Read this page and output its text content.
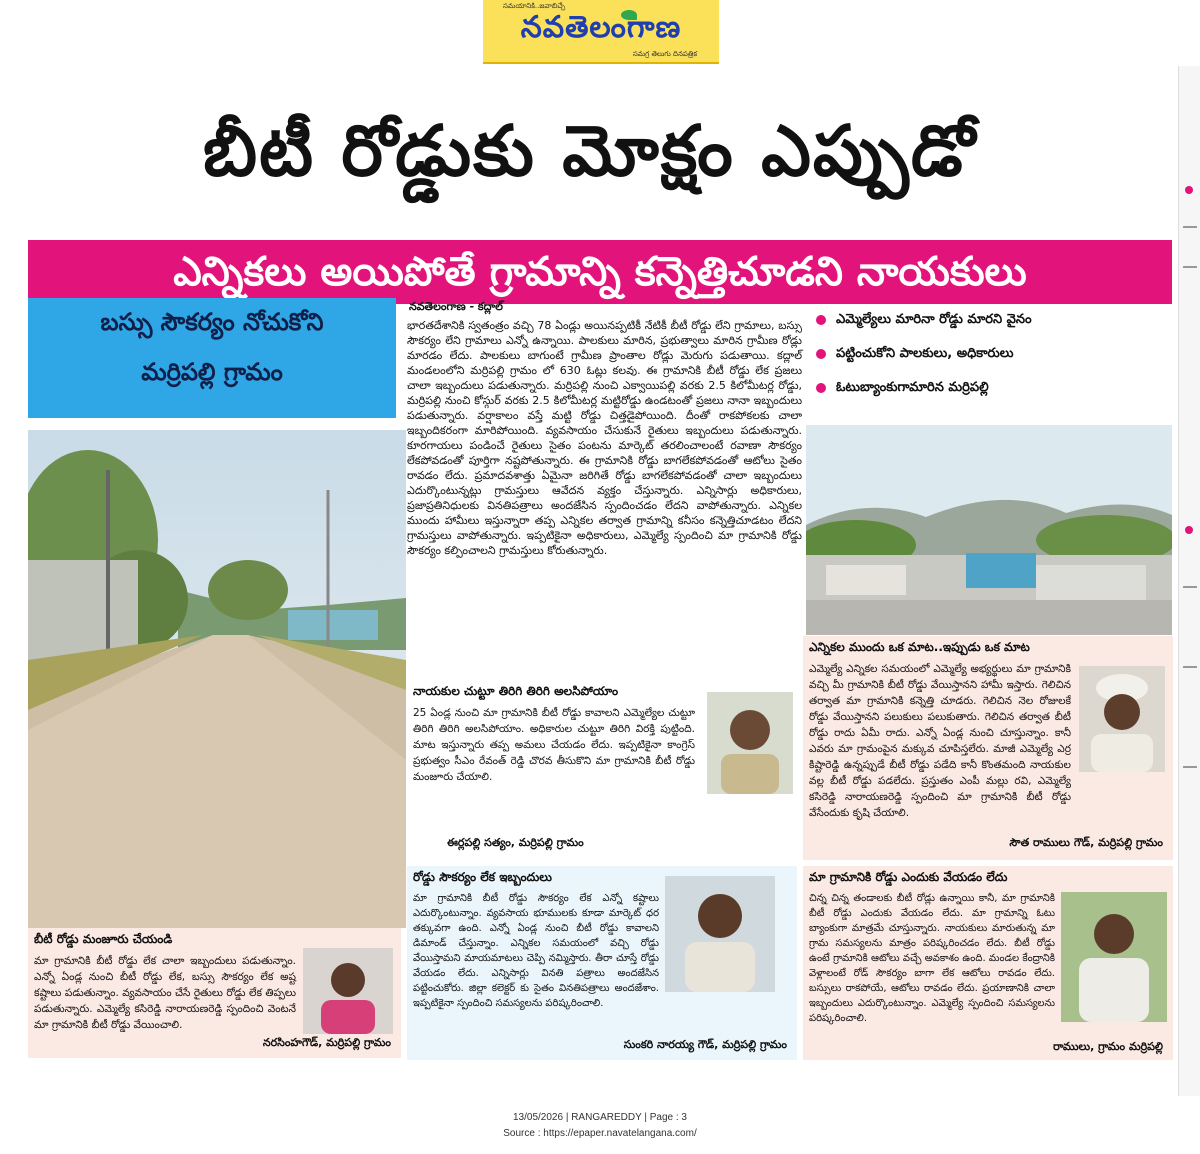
సమయానికి..జవాబిచ్చే
నవతెలంగాణ
సమగ్ర తెలుగు దినపత్రిక
బీటీ రోడ్డుకు మోక్షం ఎప్పుడో
ఎన్నికలు అయిపోతే గ్రామాన్ని కన్నెత్తిచూడని నాయకులు
బస్సు సౌకర్యం నోచుకోని
మర్రిపల్లి గ్రామం
బీటీ రోడ్డు మంజూరు చేయండి
మా గ్రామానికి బీటీ రోడ్డు లేక చాలా ఇబ్బందులు పడుతున్నాం. ఎన్నో ఏండ్ల నుంచి బీటీ రోడ్డు లేక, బస్సు సౌకర్యం లేక అష్ట కష్టాలు పడుతున్నాం. వ్యవసాయం చేసే రైతులు రోడ్డు లేక తిప్పలు పడుతున్నారు. ఎమ్మెల్యే కసిరెడ్డి నారాయణరెడ్డి స్పందించి వెంటనే మా గ్రామానికి బీటీ రోడ్డు వేయించాలి.
నరసింహగౌడ్, మర్రిపల్లి గ్రామం
నవతెలంగాణ - కద్లాల్
భారతదేశానికి స్వతంత్రం వచ్చి 78 ఏండ్లు అయినప్పటికీ నేటికీ బీటీ రోడ్డు లేని గ్రామాలు, బస్సు సౌకర్యం లేని గ్రామాలు ఎన్నో ఉన్నాయి. పాలకులు మారిన, ప్రభుత్వాలు మారిన గ్రామీణ రోడ్లు మారడం లేదు. పాలకులు బాగుంటే గ్రామీణ ప్రాంతాల రోడ్లు మెరుగు పడుతాయి. కద్లాల్ మండలంలోని మర్రిపల్లి గ్రామం లో 630 ఓట్లు కలవు. ఈ గ్రామానికి బీటీ రోడ్డు లేక ప్రజలు చాలా ఇబ్బందులు పడుతున్నారు. మర్రిపల్లి నుంచి ఎక్వాయిపల్లి వరకు 2.5 కిలోమీటర్ల రోడ్డు, మర్రిపల్లి నుంచి కోస్గుర్ వరకు 2.5 కిలోమీటర్ల మట్టిరోడ్డు ఉండటంతో ప్రజలు నానా ఇబ్బందులు పడుతున్నారు. వర్షాకాలం వస్తే మట్టి రోడ్డు చిత్తడైపోయింది. దీంతో రాకపోకలకు చాలా ఇబ్బందికరంగా మారిపోయింది. వ్యవసాయం చేసుకునే రైతులు ఇబ్బందులు పడుతున్నారు. కూరగాయలు పండించే రైతులు సైతం పంటను మార్కెట్ తరలించాలంటే రవాణా సౌకర్యం లేకపోవడంతో పూర్తిగా నష్టపోతున్నారు. ఈ గ్రామానికి రోడ్డు బాగలేకపోవడంతో ఆటోలు సైతం రావడం లేదు. ప్రమాదవశాత్తు ఏమైనా జరిగితే రోడ్డు బాగలేకపోవడంతో చాలా ఇబ్బందులు ఎదుర్కొంటున్నట్లు గ్రామస్తులు ఆవేదన వ్యక్తం చేస్తున్నారు. ఎన్నిసార్లు అధికారులు, ప్రజాప్రతినిధులకు వినతిపత్రాలు అందజేసిన స్పందించడం లేదని వాపోతున్నారు. ఎన్నికల ముందు హామీలు ఇస్తున్నారా తప్ప ఎన్నికల తర్వాత గ్రామాన్ని కనీసం కన్నెత్తిచూడటం లేదని గ్రామస్తులు వాపోతున్నారు. ఇప్పటికైనా అధికారులు, ఎమ్మెల్యే స్పందించి మా గ్రామానికి రోడ్డు సౌకర్యం కల్పించాలని గ్రామస్తులు కోరుతున్నారు.
ఎమ్మెల్యేలు మారినా రోడ్డు మారని వైనం
పట్టించుకోని పాలకులు, అధికారులు
ఓటుబ్యాంకుగామారిన మర్రిపల్లి
నాయకుల చుట్టూ తిరిగి తిరిగి అలసిపోయాం
25 ఏండ్ల నుంచి మా గ్రామానికి బీటీ రోడ్డు కావాలని ఎమ్మెల్యేల చుట్టూ తిరిగి తిరిగి అలసిపోయాం. అధికారుల చుట్టూ తిరిగి విరక్తి పుట్టింది. మాట ఇస్తున్నారు తప్ప అమలు చేయడం లేదు. ఇప్పటికైనా కాంగ్రెస్ ప్రభుత్వం సీఎం రేవంత్ రెడ్డి చొరవ తీసుకొని మా గ్రామానికి బీటీ రోడ్డు మంజూరు చేయాలి.
ఈర్లపల్లి సత్యం, మర్రిపల్లి గ్రామం
ఎన్నికల ముందు ఒక మాట..ఇప్పుడు ఒక మాట
ఎమ్మెల్యే ఎన్నికల సమయంలో ఎమ్మెల్యే అభ్యర్థులు మా గ్రామానికి వచ్చి మీ గ్రామానికి బీటీ రోడ్డు వేయిస్తానని హామీ ఇస్తారు. గెలిచిన తర్వాత మా గ్రామానికి కన్నెత్తి చూడరు. గెలిచిన నెల రోజులకే రోడ్డు వేయిస్తానని పలుకులు పలుకుతారు. గెలిచిన తర్వాత బీటీ రోడ్డు రాదు ఏమీ రాదు. ఎన్నో ఏండ్ల నుంచి చూస్తున్నాం. కానీ ఎవరు మా గ్రామంపైన మక్కువ చూపిస్తలేరు. మాజీ ఎమ్మెల్యే ఎర్ర కిష్టారెడ్డి ఉన్నప్పుడే బీటీ రోడ్డు పడేది కానీ కొంతమంది నాయకుల వల్ల బీటీ రోడ్డు పడలేదు. ప్రస్తుతం ఎంపీ మల్లు రవి, ఎమ్మెల్యే కసిరెడ్డి నారాయణరెడ్డి స్పందించి మా గ్రామానికి బీటీ రోడ్డు వేసేందుకు కృషి చేయాలి.
సౌత రాములు గౌడ్, మర్రిపల్లి గ్రామం
రోడ్డు సౌకర్యం లేక ఇబ్బందులు
మా గ్రామానికి బీటీ రోడ్డు సౌకర్యం లేక ఎన్నో కష్టాలు ఎదుర్కొంటున్నాం. వ్యవసాయ భూములకు కూడా మార్కెట్ ధర తక్కువగా ఉంది. ఎన్నో ఏండ్ల నుంచి బీటీ రోడ్డు కావాలని డిమాండ్ చేస్తున్నాం. ఎన్నికల సమయంలో వచ్చి రోడ్డు వేయిస్తామని మాయమాటలు చెప్పి నమ్మిస్తారు. తీరా చూస్తే రోడ్డు వేయడం లేదు. ఎన్నిసార్లు వినతి పత్రాలు అందజేసిన పట్టించుకోరు. జిల్లా కలెక్టర్ కు సైతం వినతిపత్రాలు అందజేశాం. ఇప్పటికైనా స్పందించి సమస్యలను పరిష్కరించాలి.
సుంకరి నారయ్య గౌడ్, మర్రిపల్లి గ్రామం
మా గ్రామానికి రోడ్డు ఎందుకు వేయడం లేదు
చిన్న చిన్న తండాలకు బీటీ రోడ్లు ఉన్నాయి కానీ, మా గ్రామానికి బీటీ రోడ్డు ఎందుకు వేయడం లేదు. మా గ్రామాన్ని ఓటు బ్యాంకుగా మాత్రమే చూస్తున్నారు. నాయకులు మారుతున్న మా గ్రామ సమస్యలను మాత్రం పరిష్కరించడం లేదు. బీటీ రోడ్డు ఉంటే గ్రామానికి ఆటోలు వచ్చే అవకాశం ఉంది. మండల కేంద్రానికి వెళ్లాలంటే రోడ్ సౌకర్యం బాగా లేక ఆటోలు రావడం లేదు. బస్సులు రాకపోయే, ఆటోలు రావడం లేదు. ప్రయాణానికి చాలా ఇబ్బందులు ఎదుర్కొంటున్నాం. ఎమ్మెల్యే స్పందించి సమస్యలను పరిష్కరించాలి.
రాములు, గ్రామం మర్రిపల్లి
13/05/2026 | RANGAREDDY | Page : 3
Source : https://epaper.navatelangana.com/
